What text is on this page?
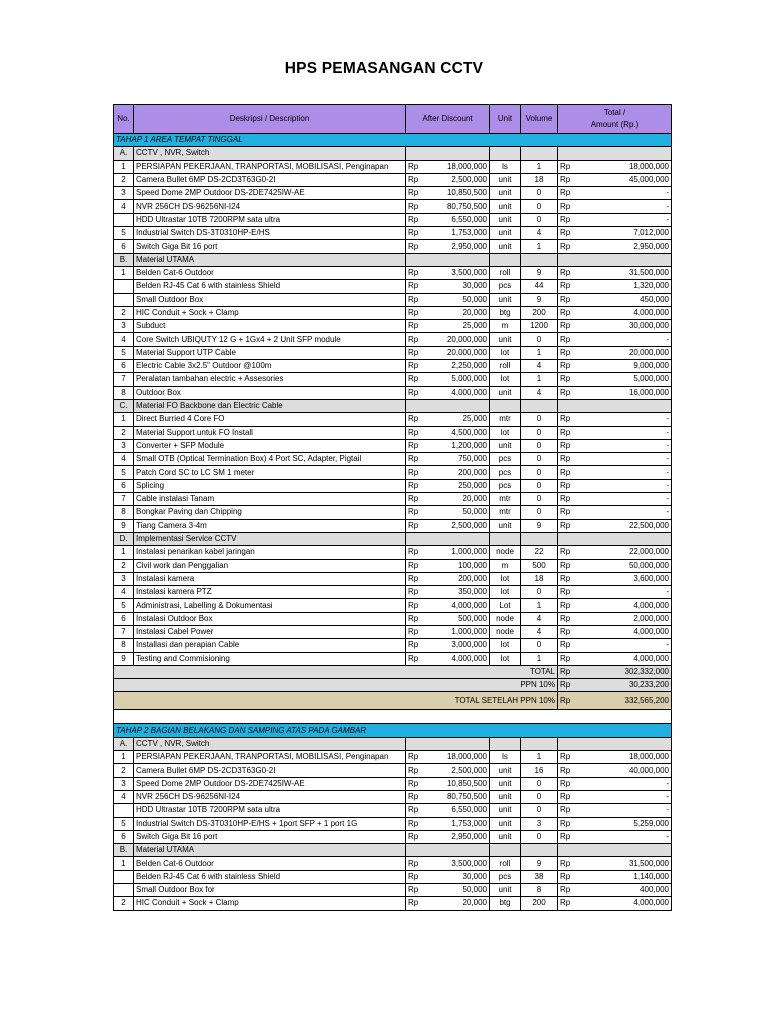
HPS PEMASANGAN CCTV
No.	Deskripsi / Description	After Discount		Unit	Volume	Total /
Amount (Rp.)	
TAHAP 1 AREA TEMPAT TINGGAL							
A.	CCTV , NVR, Switch						
1	PERSIAPAN PEKERJAAN, TRANPORTASI, MOBILISASI, Penginapan	Rp	18,000,000	ls	1	Rp	18,000,000
2	Camera Bullet 6MP DS-2CD3T63G0-2I	Rp	2,500,000	unit	18	Rp	45,000,000
3	Speed Dome 2MP Outdoor DS-2DE7425IW-AE	Rp	10,850,500	unit	0	Rp	-
4	NVR 256CH DS-96256NI-I24	Rp	80,750,500	unit	0	Rp	-
	HDD Ultrastar 10TB 7200RPM sata ultra	Rp	6,550,000	unit	0	Rp	-
5	Industrial Switch DS-3T0310HP-E/HS	Rp	1,753,000	unit	4	Rp	7,012,000
6	Switch Giga Bit 16 port	Rp	2,950,000	unit	1	Rp	2,950,000
B.	Material UTAMA						
1	Belden Cat-6 Outdoor	Rp	3,500,000	roll	9	Rp	31,500,000
	Belden RJ-45 Cat 6 with stainless Shield	Rp	30,000	pcs	44	Rp	1,320,000
	Small Outdoor Box	Rp	50,000	unit	9	Rp	450,000
2	HIC Conduit + Sock + Clamp	Rp	20,000	btg	200	Rp	4,000,000
3	Subduct	Rp	25,000	m	1200	Rp	30,000,000
4	Core Switch UBIQUTY 12 G + 1Gx4 + 2 Unit SFP module	Rp	20,000,000	unit	0	Rp	-
5	Material Support UTP Cable	Rp	20,000,000	lot	1	Rp	20,000,000
6	Electric Cable 3x2.5" Outdoor @100m	Rp	2,250,000	roll	4	Rp	9,000,000
7	Peralatan tambahan electric + Assesories	Rp	5,000,000	lot	1	Rp	5,000,000
8	Outdoor Box	Rp	4,000,000	unit	4	Rp	16,000,000
C.	Material FO Backbone dan Electric Cable						
1	Direct Burried 4 Core FO	Rp	25,000	mtr	0	Rp	-
2	Material Support untuk FO Install	Rp	4,500,000	lot	0	Rp	-
3	Converter + SFP Module	Rp	1,200,000	unit	0	Rp	-
4	Small OTB (Optical Termination Box) 4 Port SC, Adapter, Pigtail	Rp	750,000	pcs	0	Rp	-
5	Patch Cord SC to LC SM 1 meter	Rp	200,000	pcs	0	Rp	-
6	Splicing	Rp	250,000	pcs	0	Rp	-
7	Cable instalasi Tanam	Rp	20,000	mtr	0	Rp	-
8	Bongkar Paving dan Chipping	Rp	50,000	mtr	0	Rp	-
9	Tiang Camera 3-4m	Rp	2,500,000	unit	9	Rp	22,500,000
D.	Implementasi Service CCTV						
1	Instalasi penarikan kabel jaringan	Rp	1,000,000	node	22	Rp	22,000,000
2	Civil work dan Penggalian	Rp	100,000	m	500	Rp	50,000,000
3	Instalasi kamera	Rp	200,000	lot	18	Rp	3,600,000
4	Instalasi kamera PTZ	Rp	350,000	lot	0	Rp	-
5	Administrasi, Labelling & Dokumentasi	Rp	4,000,000	Lot	1	Rp	4,000,000
6	Instalasi Outdoor Box	Rp	500,000	node	4	Rp	2,000,000
7	Instalasi Cabel Power	Rp	1,000,000	node	4	Rp	4,000,000
8	Installasi dan perapian Cable	Rp	3,000,000	lot	0	Rp	-
9	Testing and Commisioning	Rp	4,000,000	lot	1	Rp	4,000,000
TOTAL						Rp	302,332,000
PPN 10%						Rp	30,233,200
TOTAL SETELAH PPN 10%						Rp	332,565,200

TAHAP 2 BAGIAN BELAKANG DAN SAMPING ATAS PADA GAMBAR							
A.	CCTV , NVR, Switch						
1	PERSIAPAN PEKERJAAN, TRANPORTASI, MOBILISASI, Penginapan	Rp	18,000,000	ls	1	Rp	18,000,000
2	Camera Bullet 6MP DS-2CD3T63G0-2I	Rp	2,500,000	unit	16	Rp	40,000,000
3	Speed Dome 2MP Outdoor DS-2DE7425IW-AE	Rp	10,850,500	unit	0	Rp	-
4	NVR 256CH DS-96256NI-I24	Rp	80,750,500	unit	0	Rp	-
	HDD Ultrastar 10TB 7200RPM sata ultra	Rp	6,550,000	unit	0	Rp	-
5	Industrial Switch DS-3T0310HP-E/HS + 1port SFP + 1 port 1G	Rp	1,753,000	unit	3	Rp	5,259,000
6	Switch Giga Bit 16 port	Rp	2,950,000	unit	0	Rp	-
B.	Material UTAMA						
1	Belden Cat-6 Outdoor	Rp	3,500,000	roll	9	Rp	31,500,000
	Belden RJ-45 Cat 6 with stainless Shield	Rp	30,000	pcs	38	Rp	1,140,000
	Small Outdoor Box for	Rp	50,000	unit	8	Rp	400,000
2	HIC Conduit + Sock + Clamp	Rp	20,000	btg	200	Rp	4,000,000
